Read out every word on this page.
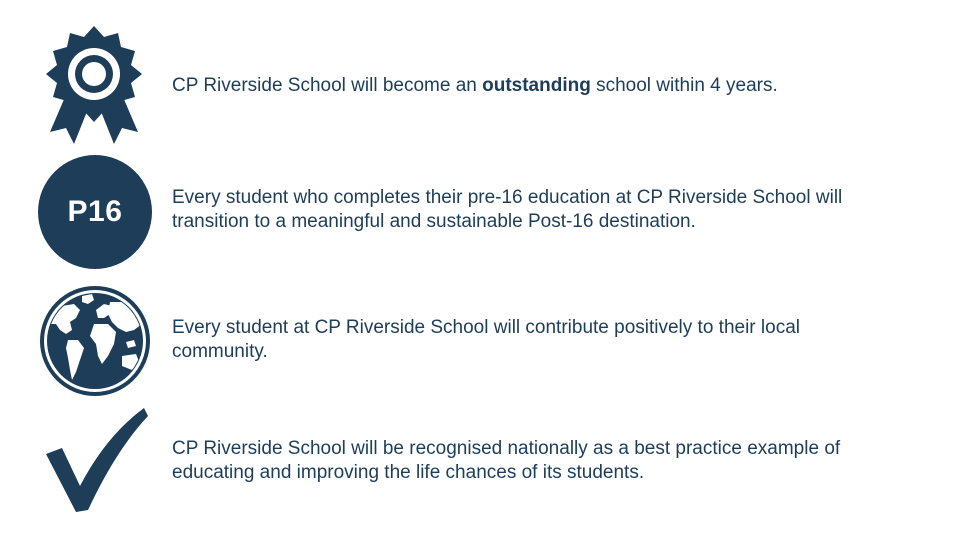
CP Riverside School will become an outstanding school within 4 years.
P16	Every student who completes their pre-16 education at CP Riverside School will
transition to a meaningful and sustainable Post-16 destination.
Every student at CP Riverside School will contribute positively to their local
community.
CP Riverside School will be recognised nationally as a best practice example of
educating and improving the life chances of its students.
